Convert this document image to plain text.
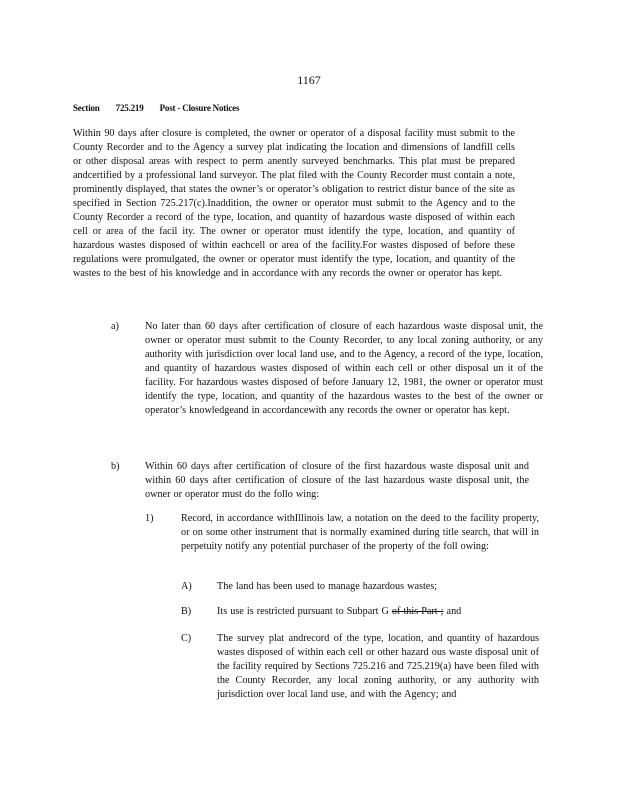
1167
Section 725.219 Post - Closure Notices
Within 90 days after closure is completed, the owner or operator of a disposal facility must submit to the County Recorder and to the Agency a survey plat indicating the location and dimensions of landfill cells or other disposal areas with respect to perm anently surveyed benchmarks. This plat must be prepared andcertified by a professional land surveyor. The plat filed with the County Recorder must contain a note, prominently displayed, that states the owner’s or operator’s obligation to restrict distur bance of the site as specified in Section 725.217(c).Inaddition, the owner or operator must submit to the Agency and to the County Recorder a record of the type, location, and quantity of hazardous waste disposed of within each cell or area of the facil ity. The owner or operator must identify the type, location, and quantity of hazardous wastes disposed of within eachcell or area of the facility.For wastes disposed of before these regulations were promulgated, the owner or operator must identify the type, location, and quantity of the wastes to the best of his knowledge and in accordance with any records the owner or operator has kept.
a)	No later than 60 days after certification of closure of each hazardous waste disposal unit, the owner or operator must submit to the County Recorder, to any local zoning authority, or any authority with jurisdiction over local land use, and to the Agency, a record of the type, location, and quantity of hazardous wastes disposed of within each cell or other disposal un it of the facility. For hazardous wastes disposed of before January 12, 1981, the owner or operator must identify the type, location, and quantity of the hazardous wastes to the best of the owner or operator’s knowledgeand in accordancewith any records the owner or operator has kept.
b)	Within 60 days after certification of closure of the first hazardous waste disposal unit and within 60 days after certification of closure of the last hazardous waste disposal unit, the owner or operator must do the follo wing:
1)	Record, in accordance withIllinois law, a notation on the deed to the facility property, or on some other instrument that is normally examined during title search, that will in perpetuity notify any potential purchaser of the property of the foll owing:
A) The land has been used to manage hazardous wastes;
B)	Its use is restricted pursuant to Subpart G of this Part ; and
C)	The survey plat andrecord of the type, location, and quantity of hazardous wastes disposed of within each cell or other hazard ous waste disposal unit of the facility required by Sections 725.216 and 725.219(a) have been filed with the County Recorder, any local zoning authority, or any authority with jurisdiction over local land use, and with the Agency; and
